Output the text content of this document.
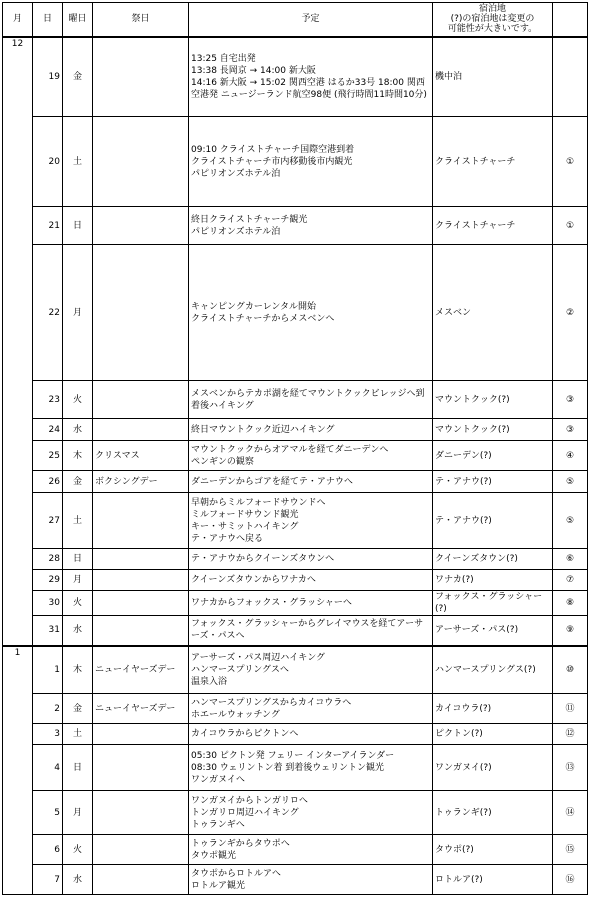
月	日	曜日	祭日	予定	宿泊地
(?)の宿泊地は変更の
可能性が大きいです。	
12	19	金		13:25 自宅出発
13:38 長岡京 → 14:00 新大阪
14:16 新大阪 → 15:02 関西空港 はるか33号 18:00 関西空港発 ニュージーランド航空98便 (飛行時間11時間10分)	機中泊	
	20	土		09:10 クライストチャーチ国際空港到着
クライストチャーチ市内移動後市内観光
パピリオンズホテル泊	クライストチャーチ	①
	21	日		終日クライストチャーチ観光
パピリオンズホテル泊	クライストチャーチ	①
	22	月		キャンピングカーレンタル開始
クライストチャーチからメスベンへ	メスベン	②
	23	火		メスベンからテカポ湖を経てマウントクックビレッジへ到着後ハイキング	マウントクック(?)	③
	24	水		終日マウントクック近辺ハイキング	マウントクック(?)	③
	25	木	クリスマス	マウントクックからオアマルを経てダニーデンへ
ペンギンの観察	ダニーデン(?)	④
	26	金	ボクシングデー	ダニーデンからゴアを経てテ・アナウへ	テ・アナウ(?)	⑤
	27	土		早朝からミルフォードサウンドへ
ミルフォードサウンド観光
キー・サミットハイキング
テ・アナウへ戻る	テ・アナウ(?)	⑤
	28	日		テ・アナウからクイーンズタウンへ	クイーンズタウン(?)	⑥
	29	月		クイーンズタウンからワナカへ	ワナカ(?)	⑦
	30	火		ワナカからフォックス・グラッシャーへ	フォックス・グラッシャー(?)	⑧
	31	水		フォックス・グラッシャーからグレイマウスを経てアーサーズ・パスへ	アーサーズ・パス(?)	⑨
1	1	木	ニューイヤーズデー	アーサーズ・パス周辺ハイキング
ハンマースプリングスへ
温泉入浴	ハンマースプリングス(?)	⑩
	2	金	ニューイヤーズデー	ハンマースプリングスからカイコウラへ
ホエールウォッチング	カイコウラ(?)	⑪
	3	土		カイコウラからピクトンへ	ピクトン(?)	⑫
	4	日		05:30 ピクトン発 フェリー インターアイランダー
08:30 ウェリントン着 到着後ウェリントン観光
ワンガヌイへ	ワンガヌイ(?)	⑬
	5	月		ワンガヌイからトンガリロへ
トンガリロ周辺ハイキング
トゥランギへ	トゥランギ(?)	⑭
	6	火		トゥランギからタウポへ
タウポ観光	タウポ(?)	⑮
	7	水		タウポからロトルアへ
ロトルア観光	ロトルア(?)	⑯
